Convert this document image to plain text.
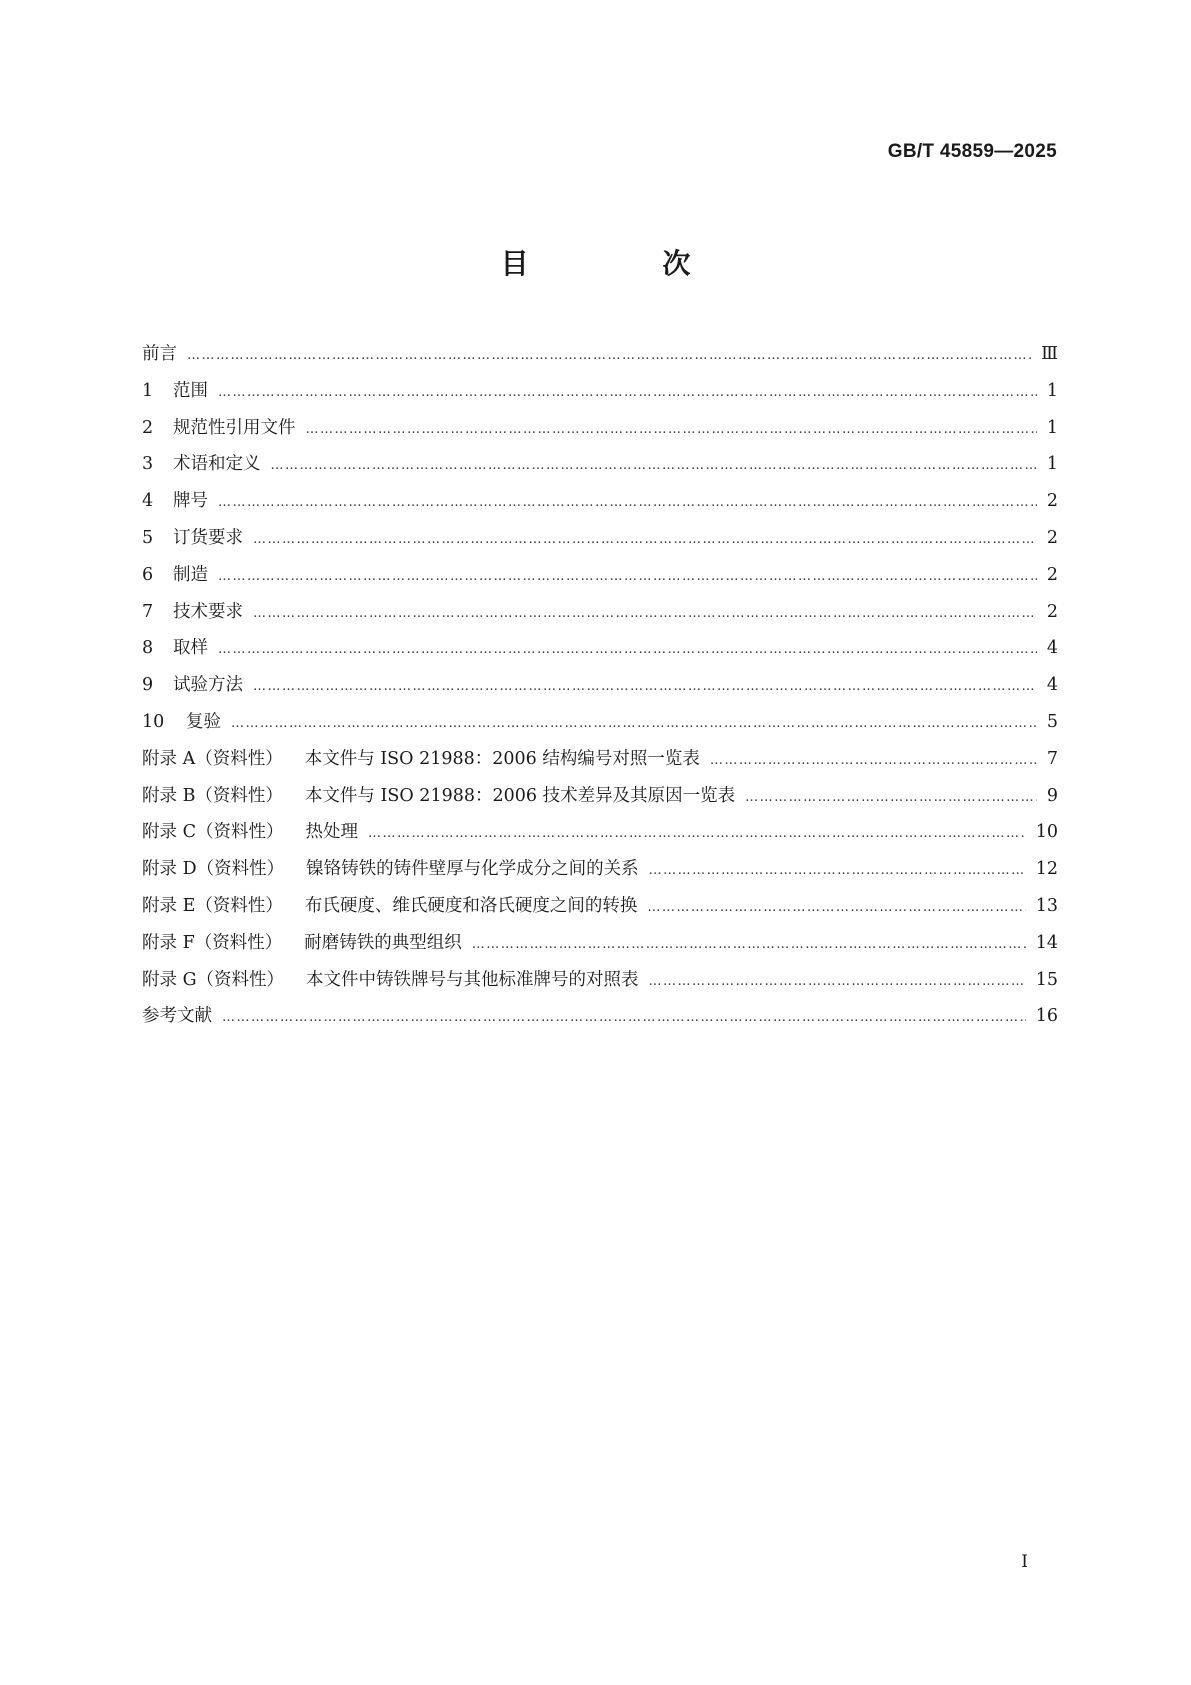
GB/T 45859—2025
目 次
前言 ……………………………………………………………………………………………………………………………………………………………………………………………………………………………………………	Ⅲ
1	范围 ……………………………………………………………………………………………………………………………………………………………………………………………………………………………………………	1
2	规范性引用文件 ……………………………………………………………………………………………………………………………………………………………………………………………………………………………………………	1
3	术语和定义 ……………………………………………………………………………………………………………………………………………………………………………………………………………………………………………	1
4	牌号 ……………………………………………………………………………………………………………………………………………………………………………………………………………………………………………	2
5	订货要求 ……………………………………………………………………………………………………………………………………………………………………………………………………………………………………………	2
6	制造 ……………………………………………………………………………………………………………………………………………………………………………………………………………………………………………	2
7	技术要求 ……………………………………………………………………………………………………………………………………………………………………………………………………………………………………………	2
8	取样 ……………………………………………………………………………………………………………………………………………………………………………………………………………………………………………	4
9	试验方法 ……………………………………………………………………………………………………………………………………………………………………………………………………………………………………………	4
10	复验 ……………………………………………………………………………………………………………………………………………………………………………………………………………………………………………	5
附录 A（资料性） 本文件与 ISO 21988：2006 结构编号对照一览表 ……………………………………………………………………………………………………………………………………………………………………………………………………………………………………………	7
附录 B（资料性） 本文件与 ISO 21988：2006 技术差异及其原因一览表 ……………………………………………………………………………………………………………………………………………………………………………………………………………………………………………	9
附录 C（资料性） 热处理 ……………………………………………………………………………………………………………………………………………………………………………………………………………………………………………	10
附录 D（资料性） 镍铬铸铁的铸件壁厚与化学成分之间的关系 ……………………………………………………………………………………………………………………………………………………………………………………………………………………………………………	12
附录 E（资料性） 布氏硬度、维氏硬度和洛氏硬度之间的转换 ……………………………………………………………………………………………………………………………………………………………………………………………………………………………………………	13
附录 F（资料性） 耐磨铸铁的典型组织 ……………………………………………………………………………………………………………………………………………………………………………………………………………………………………………	14
附录 G（资料性） 本文件中铸铁牌号与其他标准牌号的对照表 ……………………………………………………………………………………………………………………………………………………………………………………………………………………………………………	15
参考文献 ……………………………………………………………………………………………………………………………………………………………………………………………………………………………………………	16
I
